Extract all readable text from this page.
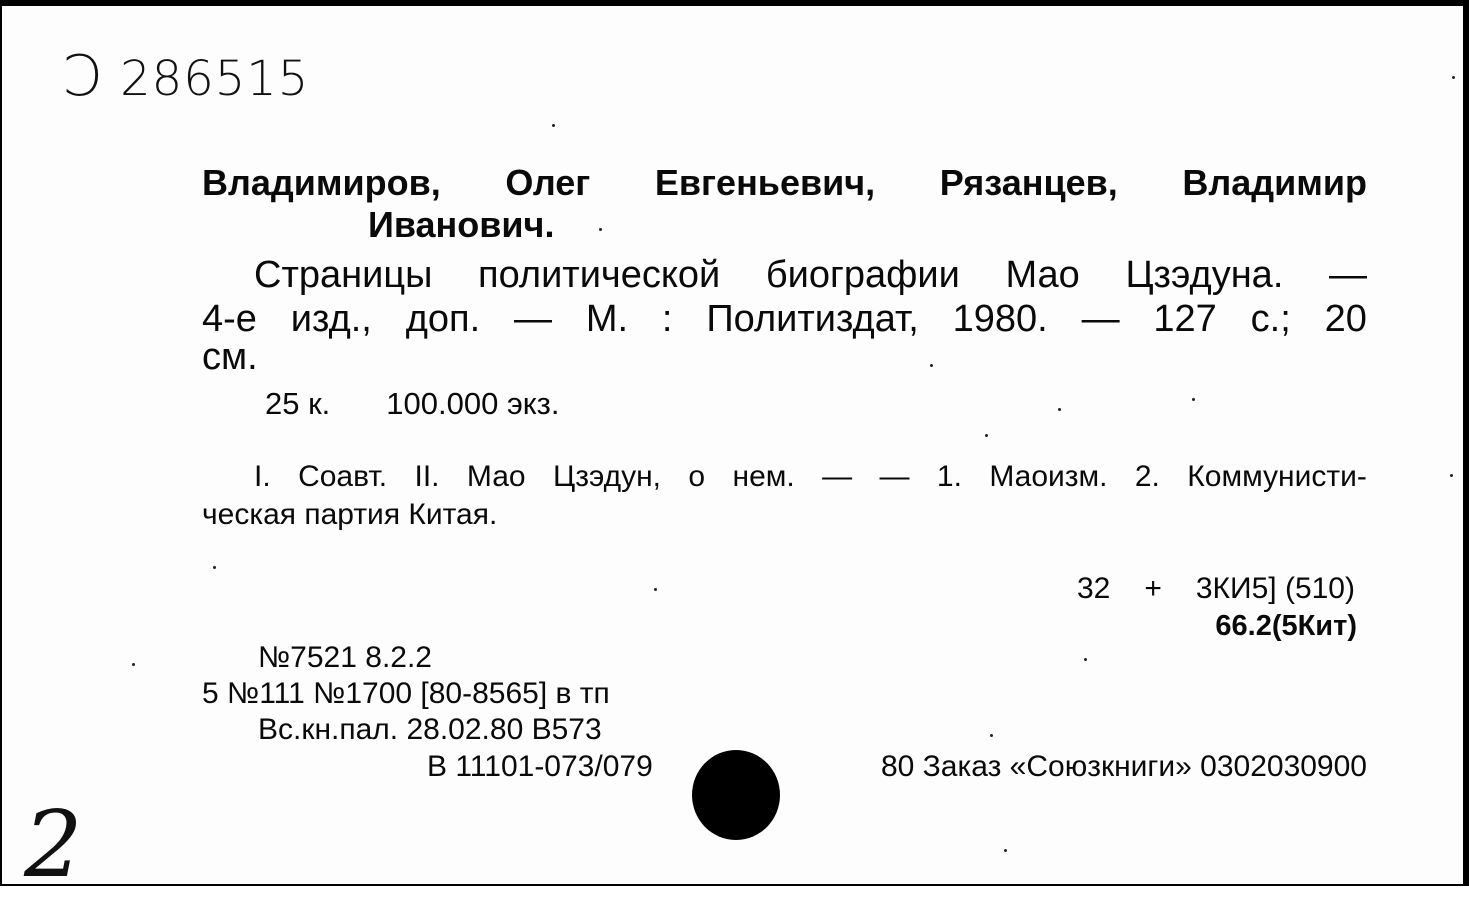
Ɔ 286515
Владимиров, Олег Евгеньевич, Рязанцев, Владимир
Иванович.
Страницы политической биографии Мао Цзэдуна. —
4-е изд., доп. — М. : Политиздат, 1980. — 127 с.; 20
см.
25 к. 100.000 экз.
I. Соавт. II. Мао Цзэдун, о нем. — — 1. Маоизм. 2. Коммунисти-
ческая партия Китая.
32 + 3КИ5] (510)
66.2(5Кит)
№7521 8.2.2
5 №111 №1700 [80-8565] в тп
Вс.кн.пал. 28.02.80 В573
В 11101-073/079	80 Заказ «Союзкниги» 0302030900
2
